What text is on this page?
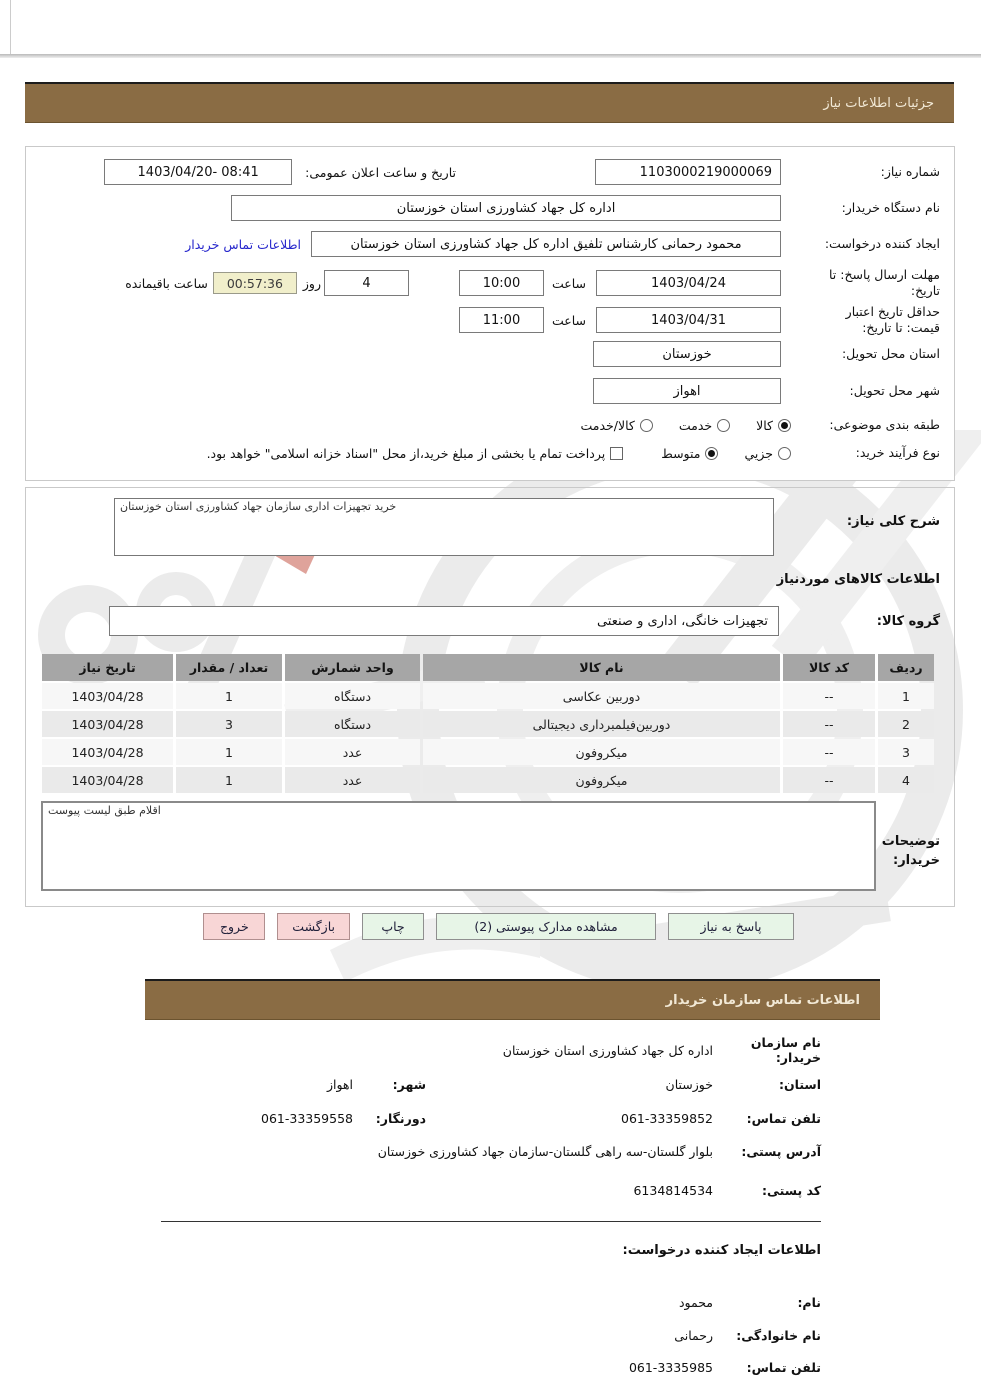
جزئیات اطلاعات نیاز
شماره نیاز:
1103000219000069
تاریخ و ساعت اعلان عمومی:
1403/04/20- 08:41
نام دستگاه خریدار:
اداره کل جهاد کشاورزی استان خوزستان
ایجاد کننده درخواست:
محمود رحمانی کارشناس تلفیق اداره کل جهاد کشاورزی استان خوزستان
اطلاعات تماس خریدار
مهلت ارسال پاسخ: تا تاریخ:
1403/04/24
ساعت
10:00
4
روز
00:57:36
ساعت باقیمانده
حداقل تاریخ اعتبار قیمت: تا تاریخ:
1403/04/31
ساعت
11:00
استان محل تحویل:
خوزستان
شهر محل تحویل:
اهواز
طبقه بندی موضوعی:
کالا
خدمت
کالا/خدمت
نوع فرآیند خرید:
جزيي
متوسط
پرداخت تمام یا بخشی از مبلغ خرید،از محل "اسناد خزانه اسلامی" خواهد بود.
شرح کلی نیاز:
خرید تجهیزات اداری سازمان جهاد کشاورزی استان خوزستان
اطلاعات کالاهای موردنیاز
گروه کالا:
تجهیزات خانگی، اداری و صنعتی
ردیف
کد کالا
نام کالا
واحد شمارش
تعداد / مقدار
تاریخ نیاز
1
--
دوربین عکاسی
دستگاه
1
1403/04/28
2
--
دوربین‌فیلمبرداری دیجیتالی
دستگاه
3
1403/04/28
3
--
میکروفون
عدد
1
1403/04/28
4
--
میکروفون
عدد
1
1403/04/28
توضیحات خریدار:
اقلام طبق لیست پیوست
پاسخ به نیاز
مشاهده مدارک پیوستی (2)
چاپ
بازگشت
خروج
اطلاعات تماس سازمان خریدار
نام سازمان خریدار:
اداره کل جهاد کشاورزی استان خوزستان
استان:
خوزستان
شهر:
اهواز
تلفن تماس:
061-33359852
دورنگار:
061-33359558
آدرس پستی:
بلوار گلستان-سه راهی گلستان-سازمان جهاد کشاورزی خوزستان
کد پستی:
6134814534
اطلاعات ایجاد کننده درخواست:
نام:
محمود
نام خانوادگی:
رحمانی
تلفن تماس:
061-3335985
